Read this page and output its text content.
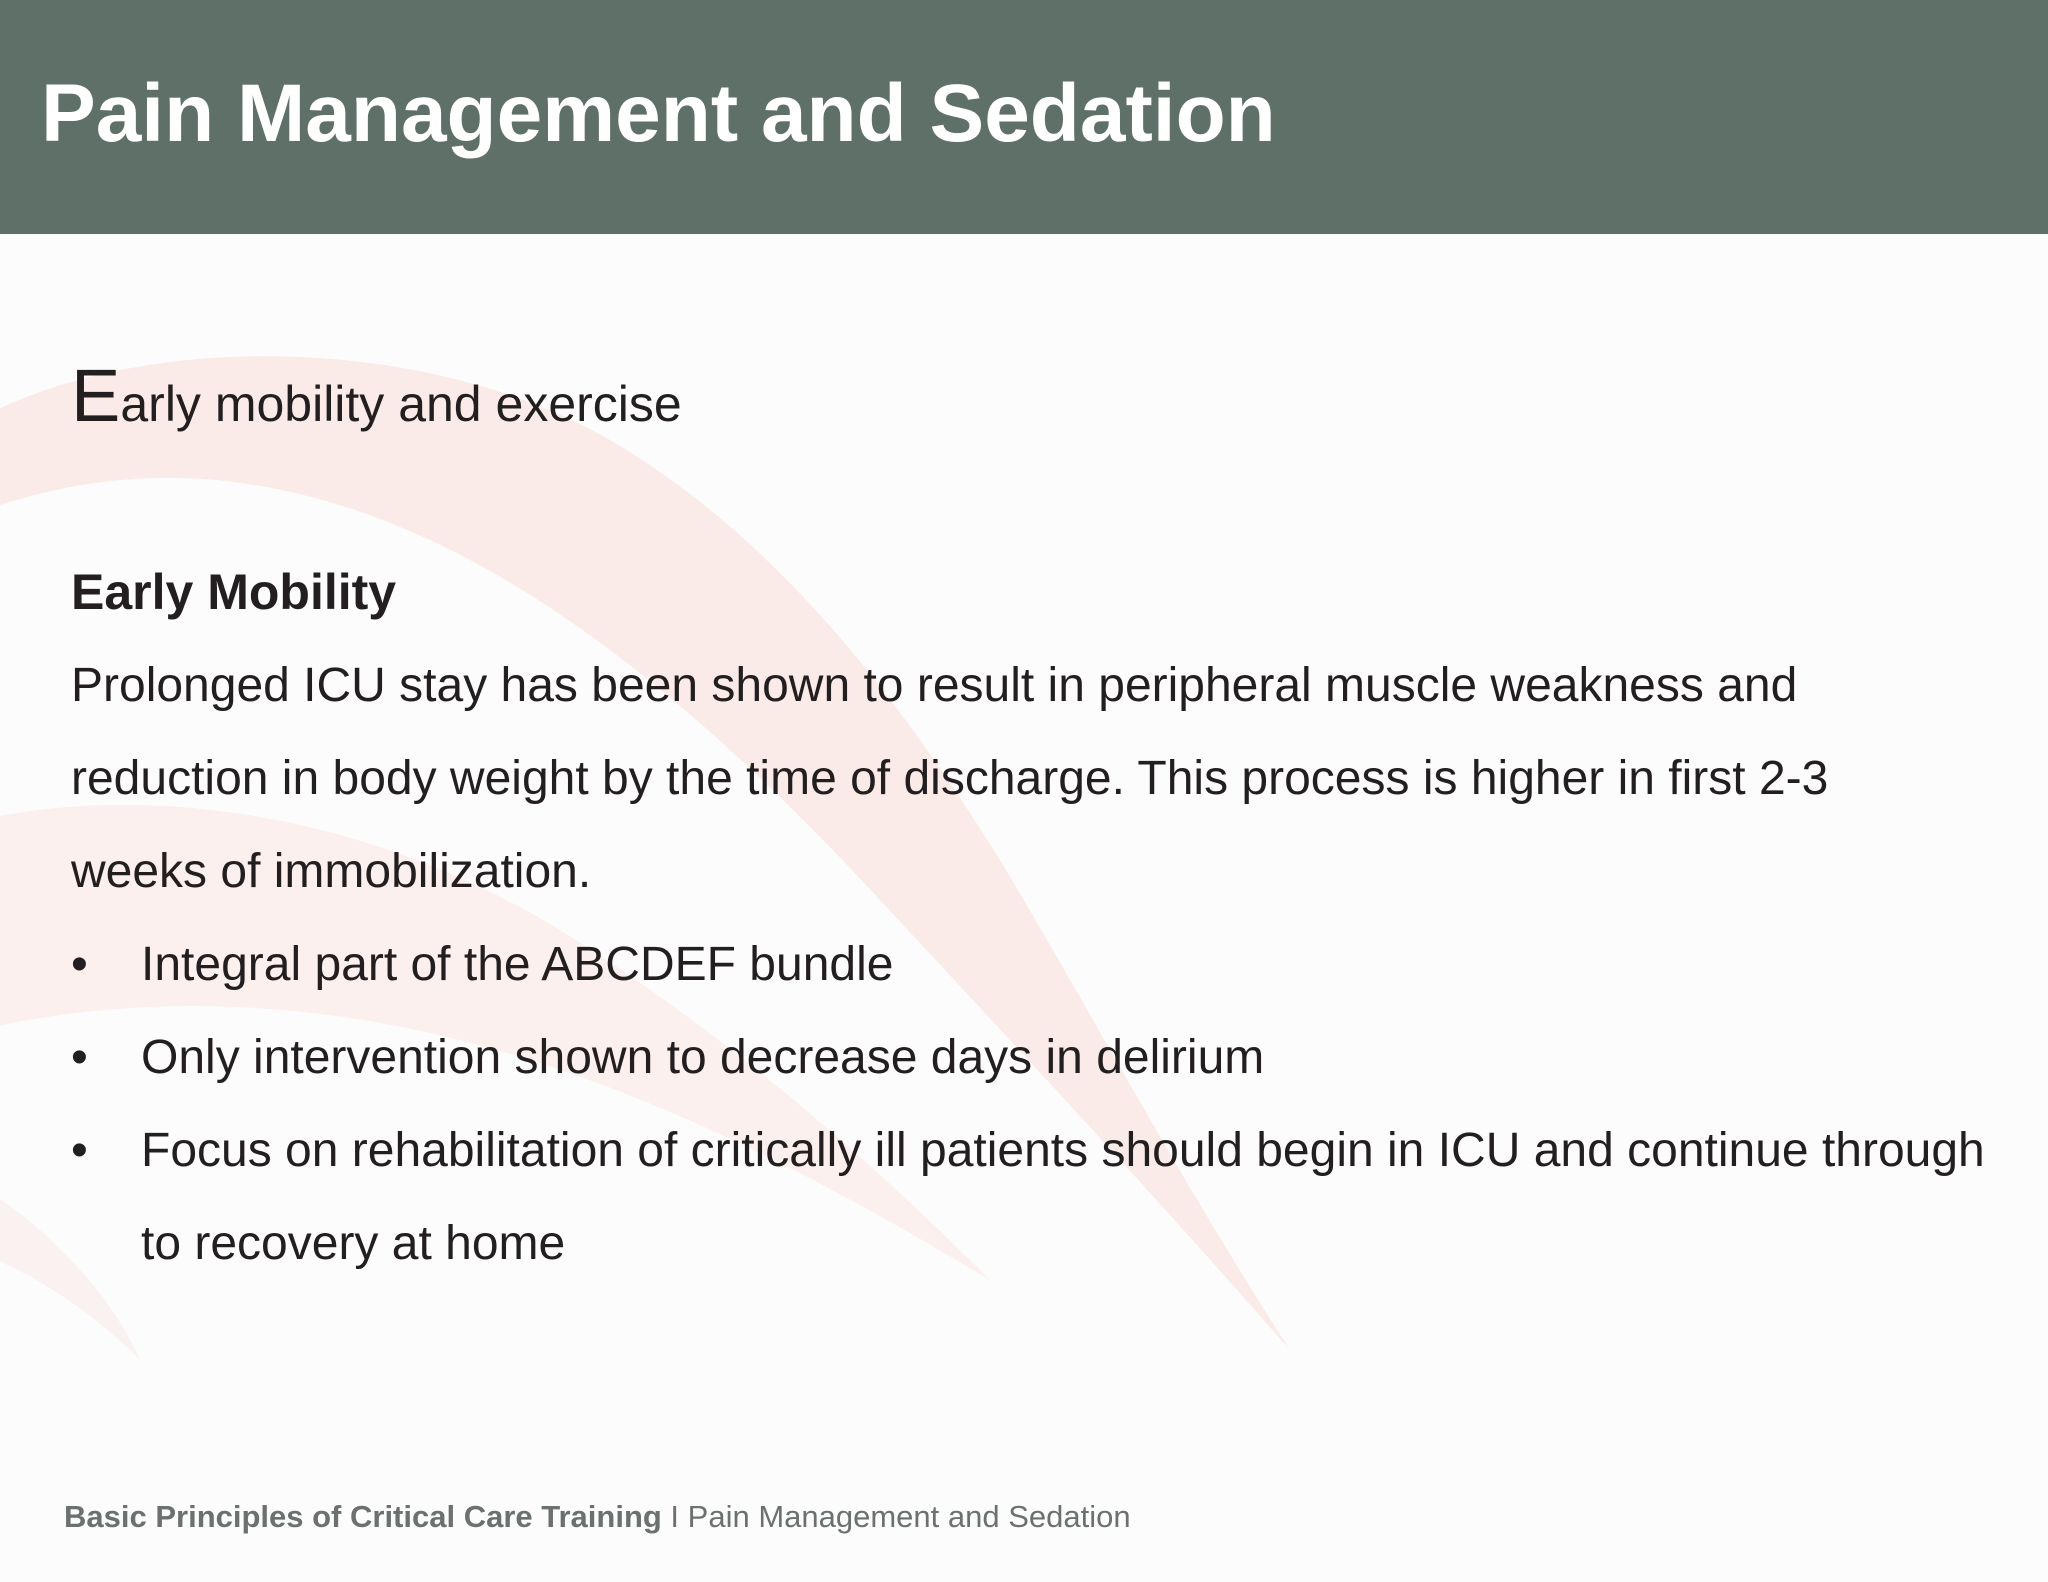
Pain Management and Sedation
Early mobility and exercise
Early Mobility
Prolonged ICU stay has been shown to result in peripheral muscle weakness and
reduction in body weight by the time of discharge. This process is higher in first 2-3
weeks of immobilization.
• Integral part of the ABCDEF bundle
• Only intervention shown to decrease days in delirium
• Focus on rehabilitation of critically ill patients should begin in ICU and continue through to recovery at home
Basic Principles of Critical Care Training I Pain Management and Sedation
